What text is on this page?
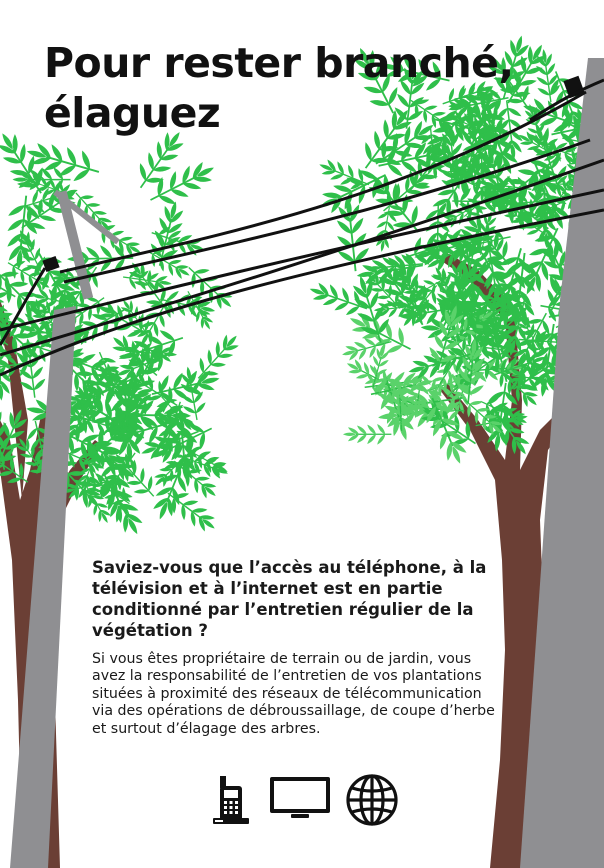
Pour rester branché,
élaguez

Saviez-vous que l’accès au téléphone, à la télévision et à l’internet est en partie conditionné par l’entretien régulier de la végétation ?

Si vous êtes propriétaire de terrain ou de jardin, vous avez la responsabilité de l’entretien de vos plantations situées à proximité des réseaux de télécommunication via des opérations de débroussaillage, de coupe d’herbe et surtout d’élagage des arbres.
